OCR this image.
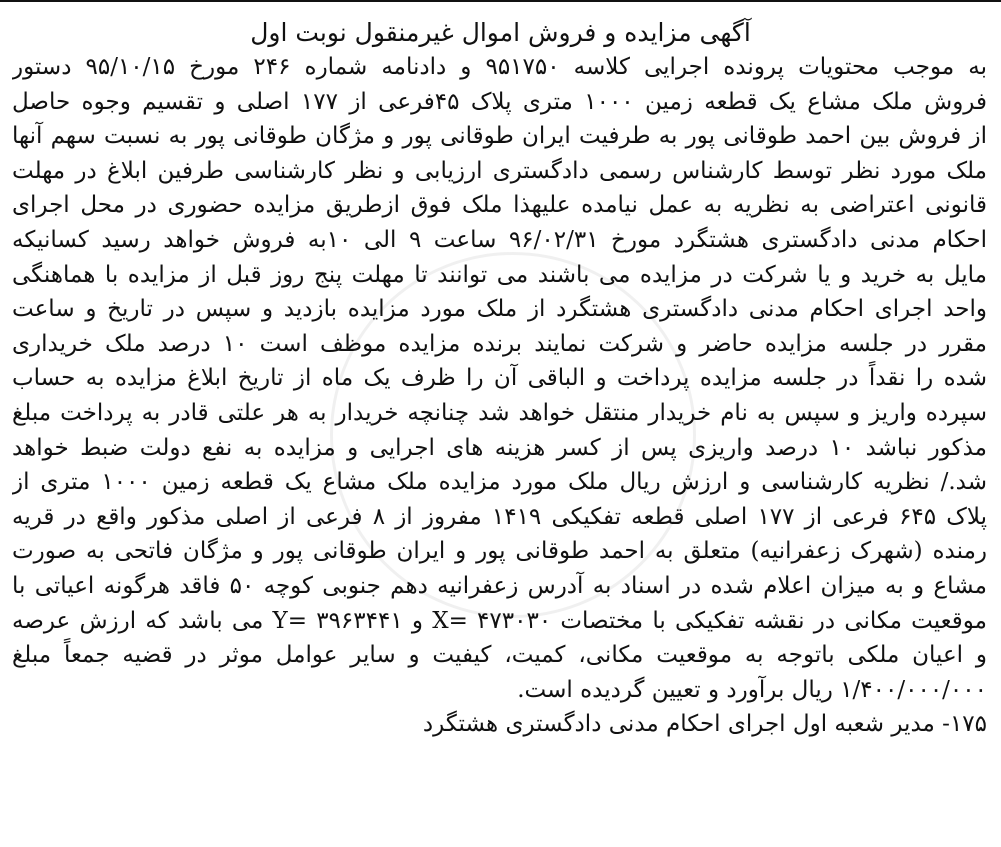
آگهی مزایده و فروش اموال غیرمنقول نوبت اول
به موجب محتویات پرونده اجرایی کلاسه ۹۵۱۷۵۰ و دادنامه شماره ۲۴۶ مورخ ۹۵/۱۰/۱۵ دستور
فروش ملک مشاع یک قطعه زمین ۱۰۰۰ متری پلاک ۴۵فرعی از ۱۷۷ اصلی و تقسیم وجوه حاصل
از فروش بین احمد طوقانی پور به طرفیت ایران طوقانی پور و مژگان طوقانی پور به نسبت سهم آنها
ملک مورد نظر توسط کارشناس رسمی دادگستری ارزیابی و نظر کارشناسی طرفین ابلاغ در مهلت
قانونی اعتراضی به نظریه به عمل نیامده علیهذا ملک فوق ازطریق مزایده حضوری در محل اجرای
احکام مدنی دادگستری هشتگرد مورخ ۹۶/۰۲/۳۱ ساعت ۹ الی ۱۰به فروش خواهد رسید کسانیکه
مایل به خرید و یا شرکت در مزایده می باشند می توانند تا مهلت پنج روز قبل از مزایده با هماهنگی
واحد اجرای احکام مدنی دادگستری هشتگرد از ملک مورد مزایده بازدید و سپس در تاریخ و ساعت
مقرر در جلسه مزایده حاضر و شرکت نمایند برنده مزایده موظف است ۱۰ درصد ملک خریداری
شده را نقداً در جلسه مزایده پرداخت و الباقی آن را ظرف یک ماه از تاریخ ابلاغ مزایده به حساب
سپرده واریز و سپس به نام خریدار منتقل خواهد شد چنانچه خریدار به هر علتی قادر به پرداخت مبلغ
مذکور نباشد ۱۰ درصد واریزی پس از کسر هزینه های اجرایی و مزایده به نفع دولت ضبط خواهد
شد./ نظریه کارشناسی و ارزش ریال ملک مورد مزایده ملک مشاع یک قطعه زمین ۱۰۰۰ متری از
پلاک ۶۴۵ فرعی از ۱۷۷ اصلی قطعه تفکیکی ۱۴۱۹ مفروز از ۸ فرعی از اصلی مذکور واقع در قریه
رمنده (شهرک زعفرانیه) متعلق به احمد طوقانی پور و ایران طوقانی پور و مژگان فاتحی به صورت
مشاع و به میزان اعلام شده در اسناد به آدرس زعفرانیه دهم جنوبی کوچه ۵۰ فاقد هرگونه اعیاتی با
موقعیت مکانی در نقشه تفکیکی با مختصات X= ۴۷۳۰۳۰ و Y= ۳۹۶۳۴۴۱ می باشد که ارزش عرصه
و اعیان ملکی باتوجه به موقعیت مکانی، کمیت، کیفیت و سایر عوامل موثر در قضیه جمعاً مبلغ
۱/۴۰۰/۰۰۰/۰۰۰ ریال برآورد و تعیین گردیده است.
۱۷۵- مدیر شعبه اول اجرای احکام مدنی دادگستری هشتگرد
